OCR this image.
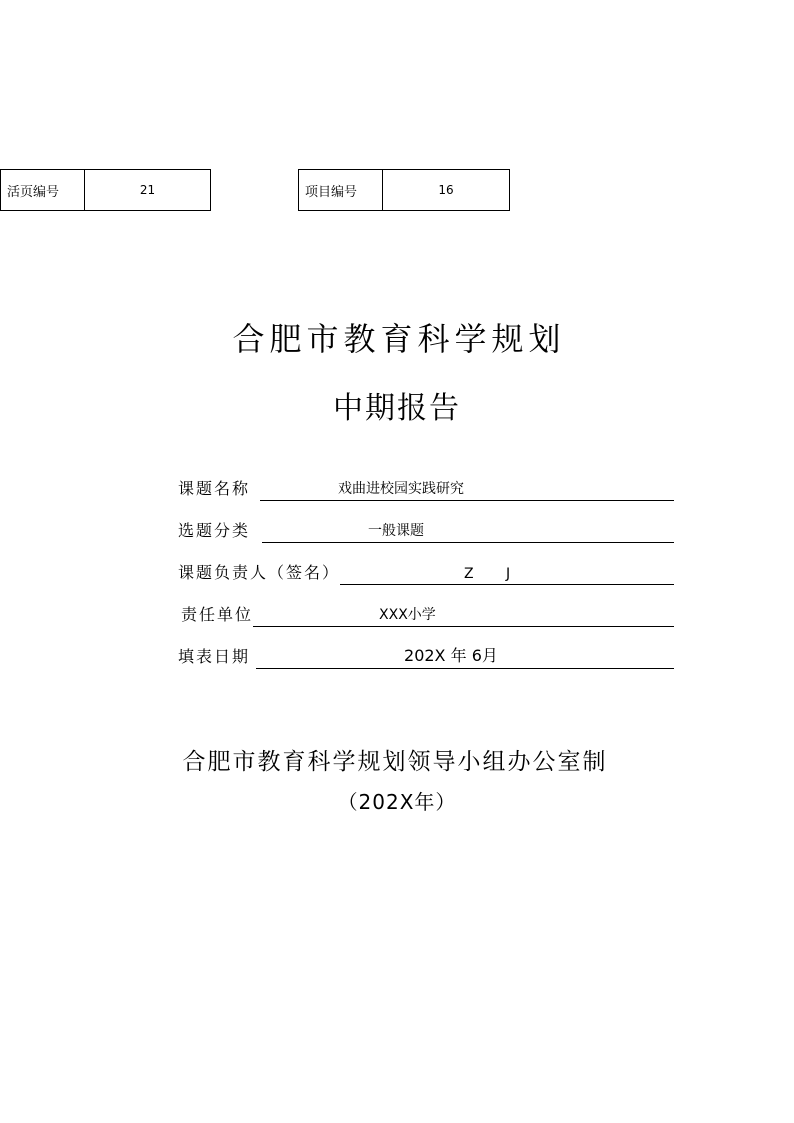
活页编号	21	项目编号	16
合肥市教育科学规划
中期报告
课题名称	戏曲进校园实践研究
选题分类	一般课题
课题负责人（签名）	Z J
责任单位	XXX小学
填表日期	202X 年 6月
合肥市教育科学规划领导小组办公室制
（202X年）
